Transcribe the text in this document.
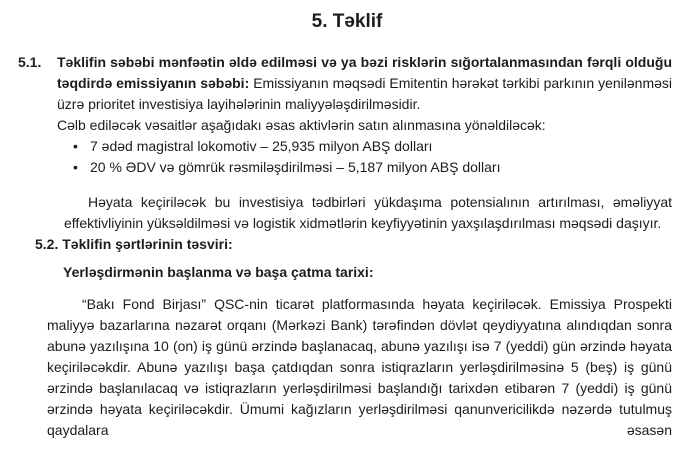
5. Təklif
5.1.	Təklifin səbəbi mənfəətin əldə edilməsi və ya bəzi risklərin sığortalanmasından fərqli olduğu təqdirdə emissiyanın səbəbi: Emissiyanın məqsədi Emitentin hərəkət tərkibi parkının yenilənməsi üzrə prioritet investisiya layihələrinin maliyyələşdirilməsidir.

Cəlb ediləcək vəsaitlər aşağıdakı əsas aktivlərin satın alınmasına yönəldiləcək:

• 7 ədəd magistral lokomotiv – 25,935 milyon ABŞ dolları
• 20 % ƏDV və gömrük rəsmiləşdirilməsi – 5,187 milyon ABŞ dolları

Həyata keçiriləcək bu investisiya tədbirləri yükdaşıma potensialının artırılması, əməliyyat effektivliyinin yüksəldilməsi və logistik xidmətlərin keyfiyyətinin yaxşılaşdırılması məqsədi daşıyır.

5.2. Təklifin şərtlərinin təsviri:

Yerləşdirmənin başlanma və başa çatma tarixi:

“Bakı Fond Birjası” QSC-nin ticarət platformasında həyata keçiriləcək. Emissiya Prospekti maliyyə bazarlarına nəzarət orqanı (Mərkəzi Bank) tərəfindən dövlət qeydiyyatına alındıqdan sonra abunə yazılışına 10 (on) iş günü ərzində başlanacaq, abunə yazılışı isə 7 (yeddi) gün ərzində həyata keçiriləcəkdir. Abunə yazılışı başa çatdıqdan sonra istiqrazların yerləşdirilməsinə 5 (beş) iş günü ərzində başlanılacaq və istiqrazların yerləşdirilməsi başlandığı tarixdən etibarən 7 (yeddi) iş günü ərzində həyata keçiriləcəkdir. Ümumi kağızların yerləşdirilməsi qanunvericilikdə nəzərdə tutulmuş qaydalara əsasən
